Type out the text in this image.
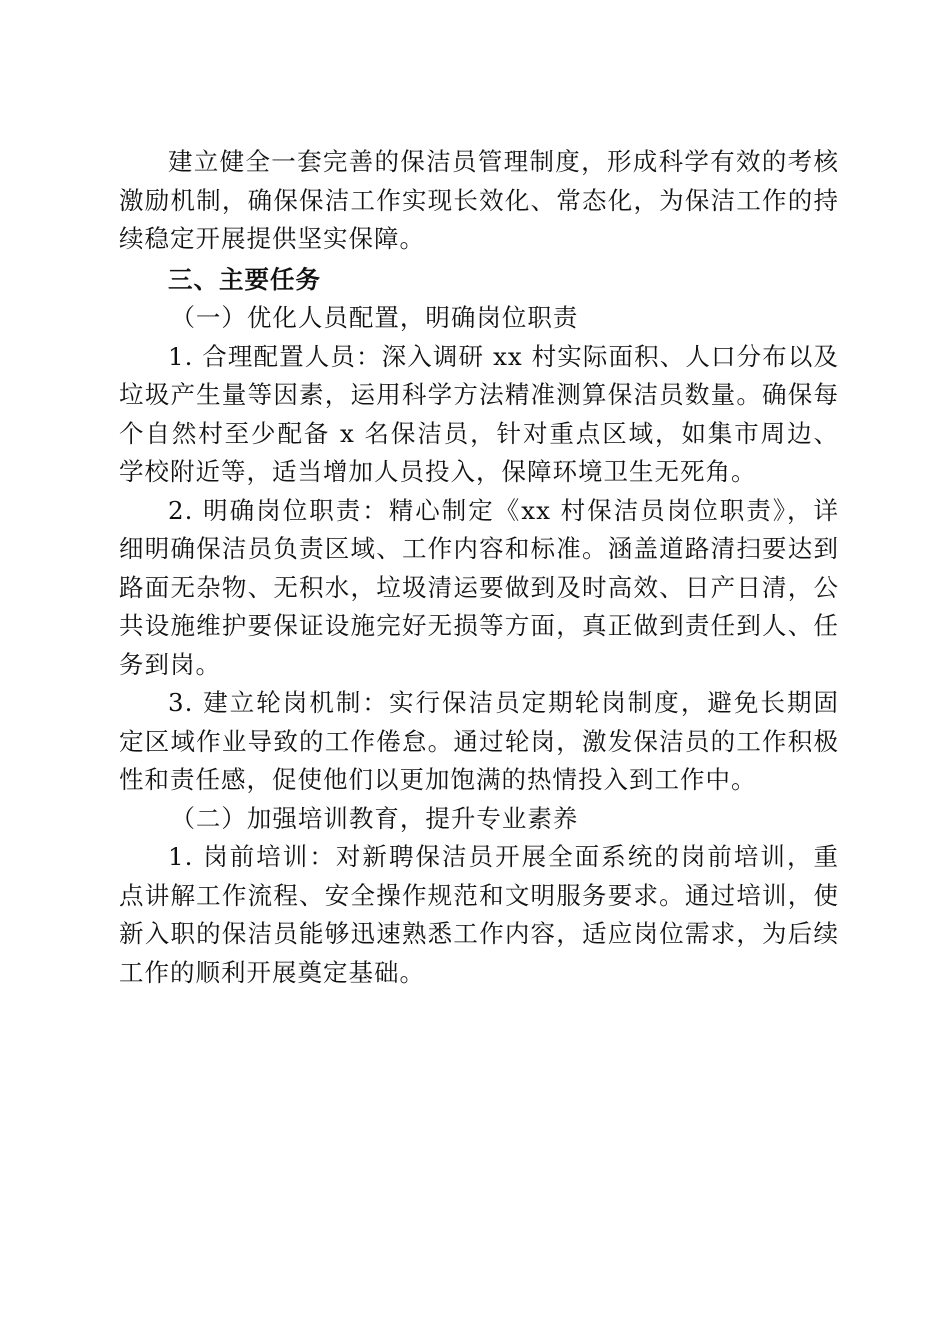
建立健全一套完善的保洁员管理制度，形成科学有效的考核激励机制，确保保洁工作实现长效化、常态化，为保洁工作的持续稳定开展提供坚实保障。

三、主要任务

（一）优化人员配置，明确岗位职责

1. 合理配置人员：深入调研 xx 村实际面积、人口分布以及垃圾产生量等因素，运用科学方法精准测算保洁员数量。确保每个自然村至少配备 x 名保洁员，针对重点区域，如集市周边、学校附近等，适当增加人员投入，保障环境卫生无死角。

2. 明确岗位职责：精心制定《xx 村保洁员岗位职责》，详细明确保洁员负责区域、工作内容和标准。涵盖道路清扫要达到路面无杂物、无积水，垃圾清运要做到及时高效、日产日清，公共设施维护要保证设施完好无损等方面，真正做到责任到人、任务到岗。

3. 建立轮岗机制：实行保洁员定期轮岗制度，避免长期固定区域作业导致的工作倦怠。通过轮岗，激发保洁员的工作积极性和责任感，促使他们以更加饱满的热情投入到工作中。

（二）加强培训教育，提升专业素养

1. 岗前培训：对新聘保洁员开展全面系统的岗前培训，重点讲解工作流程、安全操作规范和文明服务要求。通过培训，使新入职的保洁员能够迅速熟悉工作内容，适应岗位需求，为后续工作的顺利开展奠定基础。
